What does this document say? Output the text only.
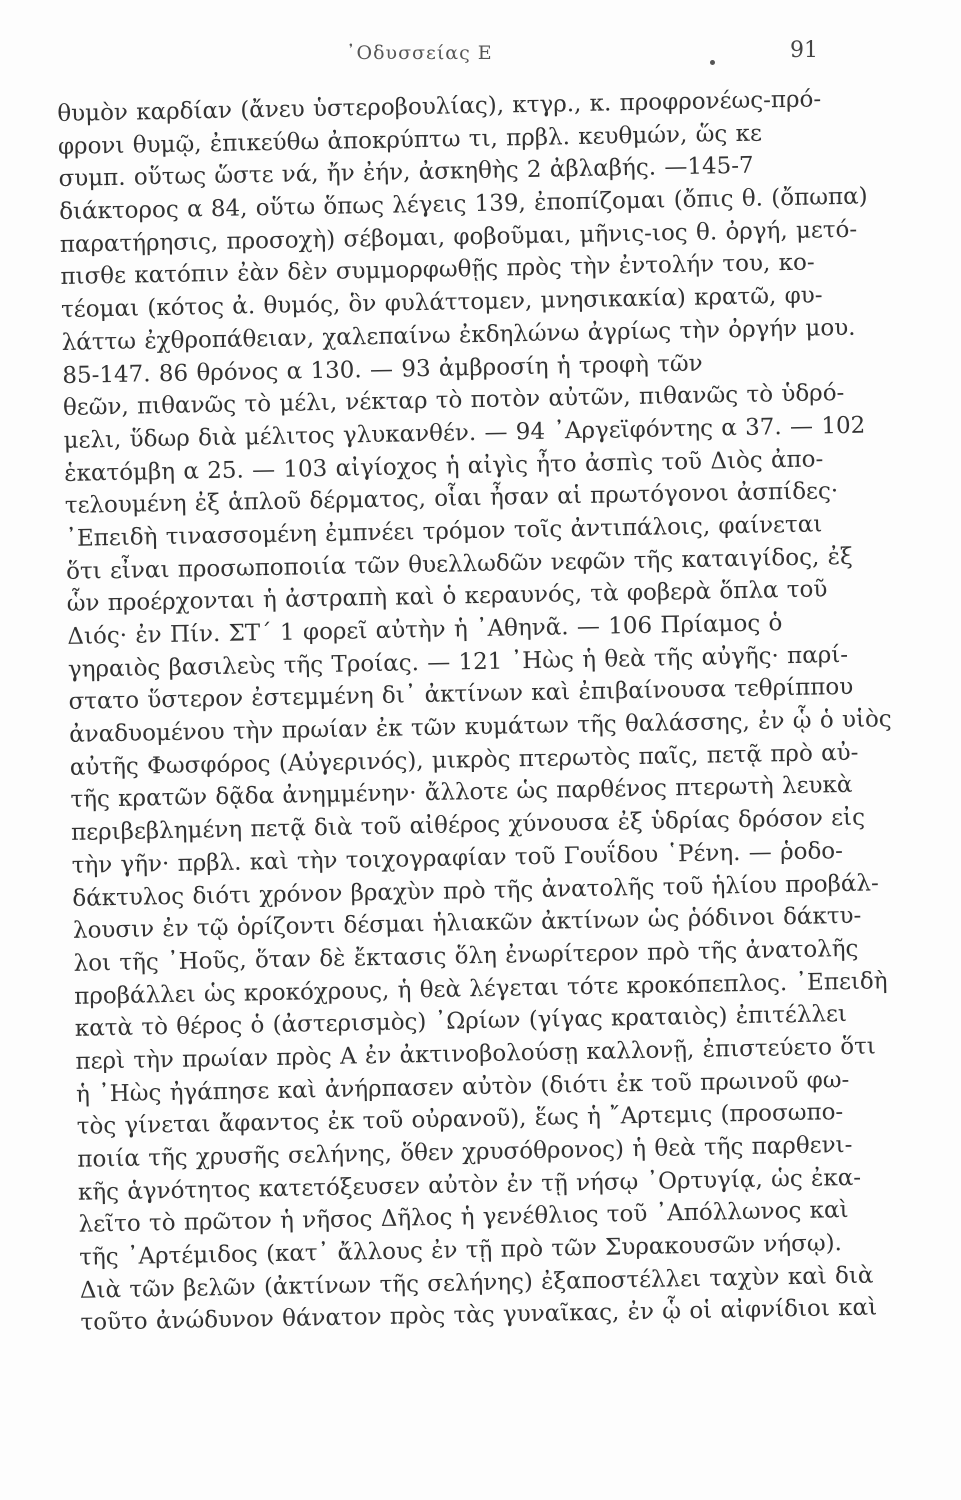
᾽Οδυσσείας Ε	91
θυμὸν καρδίαν (ἄνευ ὑστεροβουλίας), κτγρ., κ. προφρονέως-πρό-
φρονι θυμῷ, ἐπικεύθω ἀποκρύπτω τι, πρβλ. κευθμών, ὥς κε
συμπ. οὕτως ὥστε νά, ἤν ἐήν, ἀσκηθὴς 2 ἀβλαβής. —145-7
διάκτορος α 84, οὕτω ὅπως λέγεις 139, ἐποπίζομαι (ὄπις θ. (ὄπωπα)
παρατήρησις, προσοχὴ) σέβομαι, φοβοῦμαι, μῆνις-ιος θ. ὀργή, μετό-
πισθε κατόπιν ἐὰν δὲν συμμορφωθῇς πρὸς τὴν ἐντολήν του, κο-
τέομαι (κότος ἀ. θυμός, ὃν φυλάττομεν, μνησικακία) κρατῶ, φυ-
λάττω ἐχθροπάθειαν, χαλεπαίνω ἐκδηλώνω ἀγρίως τὴν ὀργήν μου.
85-147. 86 θρόνος α 130. — 93 ἀμβροσίη ἡ τροφὴ τῶν
θεῶν, πιθανῶς τὸ μέλι, νέκταρ τὸ ποτὸν αὐτῶν, πιθανῶς τὸ ὑδρό-
μελι, ὕδωρ διὰ μέλιτος γλυκανθέν. — 94 ᾽Αργεϊφόντης α 37. — 102
ἑκατόμβη α 25. — 103 αἰγίοχος ἡ αἰγὶς ἦτο ἀσπὶς τοῦ Διὸς ἀπο-
τελουμένη ἐξ ἁπλοῦ δέρματος, οἷαι ἦσαν αἱ πρωτόγονοι ἀσπίδες·
᾽Επειδὴ τινασσομένη ἐμπνέει τρόμον τοῖς ἀντιπάλοις, φαίνεται
ὅτι εἶναι προσωποποιία τῶν θυελλωδῶν νεφῶν τῆς καταιγίδος, ἐξ
ὧν προέρχονται ἡ ἀστραπὴ καὶ ὁ κεραυνός, τὰ φοβερὰ ὅπλα τοῦ
Διός· ἐν Πίν. ΣΤ΄ 1 φορεῖ αὐτὴν ἡ ᾽Αθηνᾶ. — 106 Πρίαμος ὁ
γηραιὸς βασιλεὺς τῆς Τροίας. — 121 ᾽Ηὼς ἡ θεὰ τῆς αὐγῆς· παρί-
στατο ὕστερον ἐστεμμένη δι᾽ ἀκτίνων καὶ ἐπιβαίνουσα τεθρίππου
ἀναδυομένου τὴν πρωίαν ἐκ τῶν κυμάτων τῆς θαλάσσης, ἐν ᾧ ὁ υἱὸς
αὐτῆς Φωσφόρος (Αὐγερινός), μικρὸς πτερωτὸς παῖς, πετᾷ πρὸ αὐ-
τῆς κρατῶν δᾷδα ἀνημμένην· ἄλλοτε ὡς παρθένος πτερωτὴ λευκὰ
περιβεβλημένη πετᾷ διὰ τοῦ αἰθέρος χύνουσα ἐξ ὑδρίας δρόσον εἰς
τὴν γῆν· πρβλ. καὶ τὴν τοιχογραφίαν τοῦ Γουΐδου ῾Ρένη. — ῥοδο-
δάκτυλος διότι χρόνον βραχὺν πρὸ τῆς ἀνατολῆς τοῦ ἡλίου προβάλ-
λουσιν ἐν τῷ ὁρίζοντι δέσμαι ἡλιακῶν ἀκτίνων ὡς ῥόδινοι δάκτυ-
λοι τῆς ᾽Ηοῦς, ὅταν δὲ ἔκτασις ὅλη ἐνωρίτερον πρὸ τῆς ἀνατολῆς
προβάλλει ὡς κροκόχρους, ἡ θεὰ λέγεται τότε κροκόπεπλος. ᾽Επειδὴ
κατὰ τὸ θέρος ὁ (ἀστερισμὸς) ᾽Ωρίων (γίγας κραταιὸς) ἐπιτέλλει
περὶ τὴν πρωίαν πρὸς Α ἐν ἀκτινοβολούσῃ καλλονῇ, ἐπιστεύετο ὅτι
ἡ ᾽Ηὼς ἠγάπησε καὶ ἀνήρπασεν αὐτὸν (διότι ἐκ τοῦ πρωινοῦ φω-
τὸς γίνεται ἄφαντος ἐκ τοῦ οὐρανοῦ), ἕως ἡ ῎Αρτεμις (προσωπο-
ποιία τῆς χρυσῆς σελήνης, ὅθεν χρυσόθρονος) ἡ θεὰ τῆς παρθενι-
κῆς ἁγνότητος κατετόξευσεν αὐτὸν ἐν τῇ νήσῳ ᾽Ορτυγίᾳ, ὡς ἐκα-
λεῖτο τὸ πρῶτον ἡ νῆσος Δῆλος ἡ γενέθλιος τοῦ ᾽Απόλλωνος καὶ
τῆς ᾽Αρτέμιδος (κατ᾽ ἄλλους ἐν τῇ πρὸ τῶν Συρακουσῶν νήσῳ).
Διὰ τῶν βελῶν (ἀκτίνων τῆς σελήνης) ἐξαποστέλλει ταχὺν καὶ διὰ
τοῦτο ἀνώδυνον θάνατον πρὸς τὰς γυναῖκας, ἐν ᾧ οἱ αἰφνίδιοι καὶ
